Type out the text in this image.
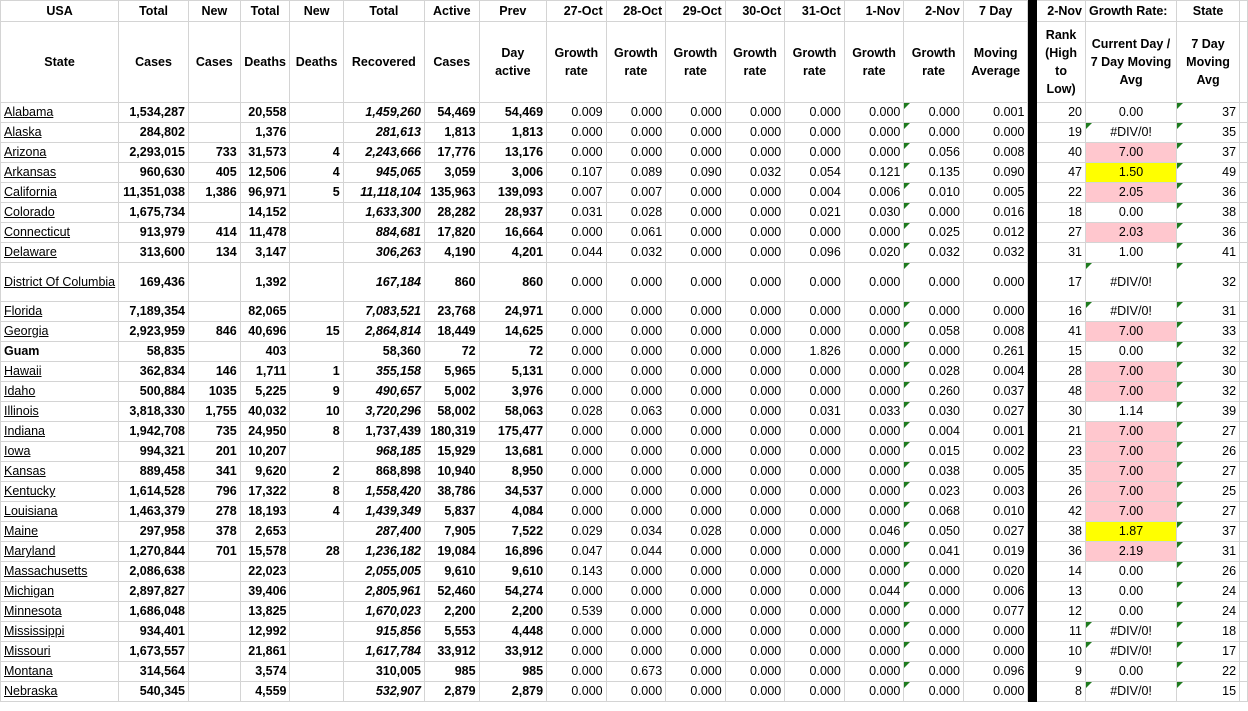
USA	Total	New	Total	New	Total	Active	Prev	27-Oct	28-Oct	29-Oct	30-Oct	31-Oct	1-Nov	2-Nov	7 Day		2-Nov	Growth Rate:	State	
State	Cases	Cases	Deaths	Deaths	Recovered	Cases	Day active	Growth rate	Growth rate	Growth rate	Growth rate	Growth rate	Growth rate	Growth rate	Moving Average		Rank (High to Low)	Current Day / 7 Day Moving Avg	7 Day Moving Avg	
Alabama	1,534,287		20,558		1,459,260	54,469	54,469	0.009	0.000	0.000	0.000	0.000	0.000	0.000	0.001		20	0.00	37	
Alaska	284,802		1,376		281,613	1,813	1,813	0.000	0.000	0.000	0.000	0.000	0.000	0.000	0.000		19	#DIV/0!	35	
Arizona	2,293,015	733	31,573	4	2,243,666	17,776	13,176	0.000	0.000	0.000	0.000	0.000	0.000	0.056	0.008		40	7.00	37	
Arkansas	960,630	405	12,506	4	945,065	3,059	3,006	0.107	0.089	0.090	0.032	0.054	0.121	0.135	0.090		47	1.50	49	
California	11,351,038	1,386	96,971	5	11,118,104	135,963	139,093	0.007	0.007	0.000	0.000	0.004	0.006	0.010	0.005		22	2.05	36	
Colorado	1,675,734		14,152		1,633,300	28,282	28,937	0.031	0.028	0.000	0.000	0.021	0.030	0.000	0.016		18	0.00	38	
Connecticut	913,979	414	11,478		884,681	17,820	16,664	0.000	0.061	0.000	0.000	0.000	0.000	0.025	0.012		27	2.03	36	
Delaware	313,600	134	3,147		306,263	4,190	4,201	0.044	0.032	0.000	0.000	0.096	0.020	0.032	0.032		31	1.00	41	
District Of Columbia	169,436		1,392		167,184	860	860	0.000	0.000	0.000	0.000	0.000	0.000	0.000	0.000		17	#DIV/0!	32	
Florida	7,189,354		82,065		7,083,521	23,768	24,971	0.000	0.000	0.000	0.000	0.000	0.000	0.000	0.000		16	#DIV/0!	31	
Georgia	2,923,959	846	40,696	15	2,864,814	18,449	14,625	0.000	0.000	0.000	0.000	0.000	0.000	0.058	0.008		41	7.00	33	
Guam	58,835		403		58,360	72	72	0.000	0.000	0.000	0.000	1.826	0.000	0.000	0.261		15	0.00	32	
Hawaii	362,834	146	1,711	1	355,158	5,965	5,131	0.000	0.000	0.000	0.000	0.000	0.000	0.028	0.004		28	7.00	30	
Idaho	500,884	1035	5,225	9	490,657	5,002	3,976	0.000	0.000	0.000	0.000	0.000	0.000	0.260	0.037		48	7.00	32	
Illinois	3,818,330	1,755	40,032	10	3,720,296	58,002	58,063	0.028	0.063	0.000	0.000	0.031	0.033	0.030	0.027		30	1.14	39	
Indiana	1,942,708	735	24,950	8	1,737,439	180,319	175,477	0.000	0.000	0.000	0.000	0.000	0.000	0.004	0.001		21	7.00	27	
Iowa	994,321	201	10,207		968,185	15,929	13,681	0.000	0.000	0.000	0.000	0.000	0.000	0.015	0.002		23	7.00	26	
Kansas	889,458	341	9,620	2	868,898	10,940	8,950	0.000	0.000	0.000	0.000	0.000	0.000	0.038	0.005		35	7.00	27	
Kentucky	1,614,528	796	17,322	8	1,558,420	38,786	34,537	0.000	0.000	0.000	0.000	0.000	0.000	0.023	0.003		26	7.00	25	
Louisiana	1,463,379	278	18,193	4	1,439,349	5,837	4,084	0.000	0.000	0.000	0.000	0.000	0.000	0.068	0.010		42	7.00	27	
Maine	297,958	378	2,653		287,400	7,905	7,522	0.029	0.034	0.028	0.000	0.000	0.046	0.050	0.027		38	1.87	37	
Maryland	1,270,844	701	15,578	28	1,236,182	19,084	16,896	0.047	0.044	0.000	0.000	0.000	0.000	0.041	0.019		36	2.19	31	
Massachusetts	2,086,638		22,023		2,055,005	9,610	9,610	0.143	0.000	0.000	0.000	0.000	0.000	0.000	0.020		14	0.00	26	
Michigan	2,897,827		39,406		2,805,961	52,460	54,274	0.000	0.000	0.000	0.000	0.000	0.044	0.000	0.006		13	0.00	24	
Minnesota	1,686,048		13,825		1,670,023	2,200	2,200	0.539	0.000	0.000	0.000	0.000	0.000	0.000	0.077		12	0.00	24	
Mississippi	934,401		12,992		915,856	5,553	4,448	0.000	0.000	0.000	0.000	0.000	0.000	0.000	0.000		11	#DIV/0!	18	
Missouri	1,673,557		21,861		1,617,784	33,912	33,912	0.000	0.000	0.000	0.000	0.000	0.000	0.000	0.000		10	#DIV/0!	17	
Montana	314,564		3,574		310,005	985	985	0.000	0.673	0.000	0.000	0.000	0.000	0.000	0.096		9	0.00	22	
Nebraska	540,345		4,559		532,907	2,879	2,879	0.000	0.000	0.000	0.000	0.000	0.000	0.000	0.000		8	#DIV/0!	15	
